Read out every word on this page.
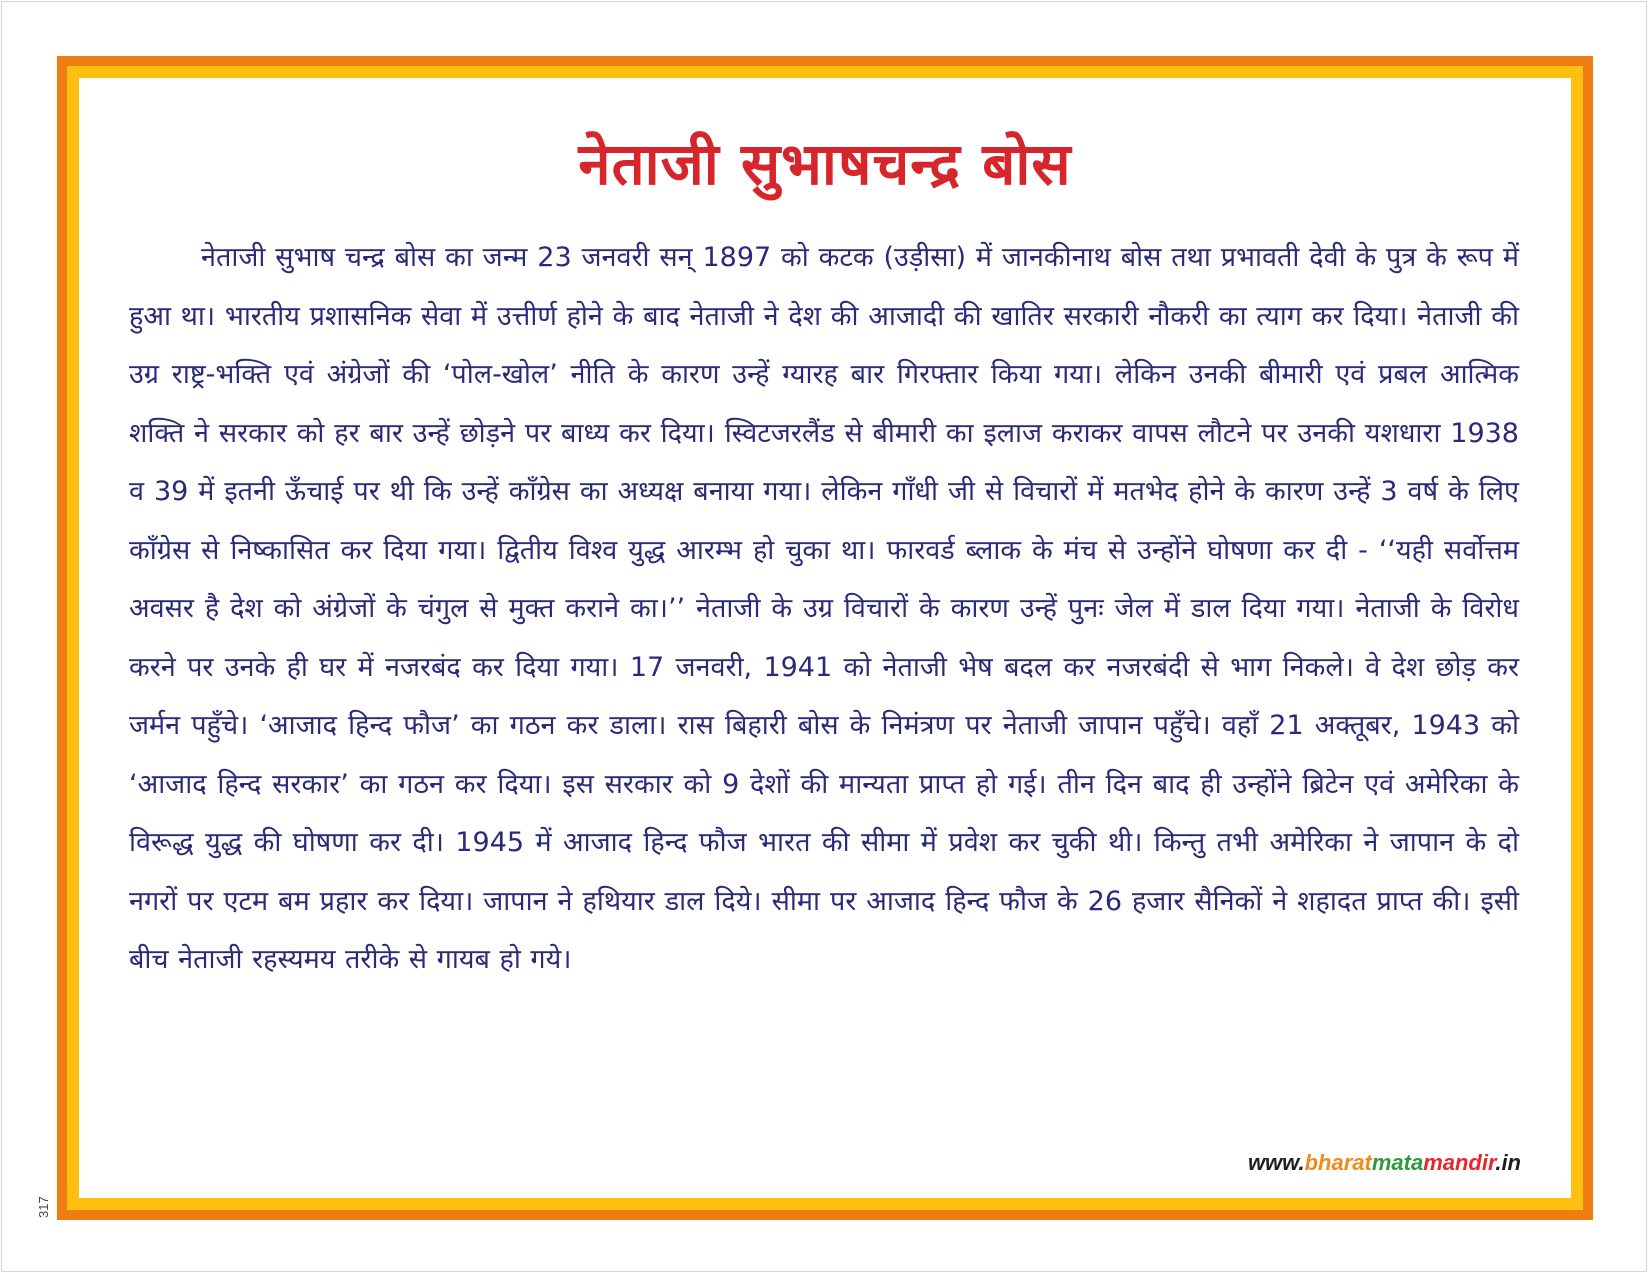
नेताजी सुभाषचन्द्र बोस

नेताजी सुभाष चन्द्र बोस का जन्म 23 जनवरी सन् 1897 को कटक (उड़ीसा) में जानकीनाथ बोस तथा प्रभावती देवी के पुत्र के रूप में हुआ था। भारतीय प्रशासनिक सेवा में उत्तीर्ण होने के बाद नेताजी ने देश की आजादी की खातिर सरकारी नौकरी का त्याग कर दिया। नेताजी की उग्र राष्ट्र-भक्ति एवं अंग्रेजों की ‘पोल-खोल’ नीति के कारण उन्हें ग्यारह बार गिरफ्तार किया गया। लेकिन उनकी बीमारी एवं प्रबल आत्मिक शक्ति ने सरकार को हर बार उन्हें छोड़ने पर बाध्य कर दिया। स्विटजरलैंड से बीमारी का इलाज कराकर वापस लौटने पर उनकी यशधारा 1938 व 39 में इतनी ऊँचाई पर थी कि उन्हें काँग्रेस का अध्यक्ष बनाया गया। लेकिन गाँधी जी से विचारों में मतभेद होने के कारण उन्हें 3 वर्ष के लिए काँग्रेस से निष्कासित कर दिया गया। द्वितीय विश्व युद्ध आरम्भ हो चुका था। फारवर्ड ब्लाक के मंच से उन्होंने घोषणा कर दी - ‘‘यही सर्वोत्तम अवसर है देश को अंग्रेजों के चंगुल से मुक्त कराने का।’’ नेताजी के उग्र विचारों के कारण उन्हें पुनः जेल में डाल दिया गया। नेताजी के विरोध करने पर उनके ही घर में नजरबंद कर दिया गया। 17 जनवरी, 1941 को नेताजी भेष बदल कर नजरबंदी से भाग निकले। वे देश छोड़ कर जर्मन पहुँचे। ‘आजाद हिन्द फौज’ का गठन कर डाला। रास बिहारी बोस के निमंत्रण पर नेताजी जापान पहुँचे। वहाँ 21 अक्तूबर, 1943 को ‘आजाद हिन्द सरकार’ का गठन कर दिया। इस सरकार को 9 देशों की मान्यता प्राप्त हो गई। तीन दिन बाद ही उन्होंने ब्रिटेन एवं अमेरिका के विरूद्ध युद्ध की घोषणा कर दी। 1945 में आजाद हिन्द फौज भारत की सीमा में प्रवेश कर चुकी थी। किन्तु तभी अमेरिका ने जापान के दो नगरों पर एटम बम प्रहार कर दिया। जापान ने हथियार डाल दिये। सीमा पर आजाद हिन्द फौज के 26 हजार सैनिकों ने शहादत प्राप्त की। इसी बीच नेताजी रहस्यमय तरीके से गायब हो गये।

www.bharatmatamandir.in
317
